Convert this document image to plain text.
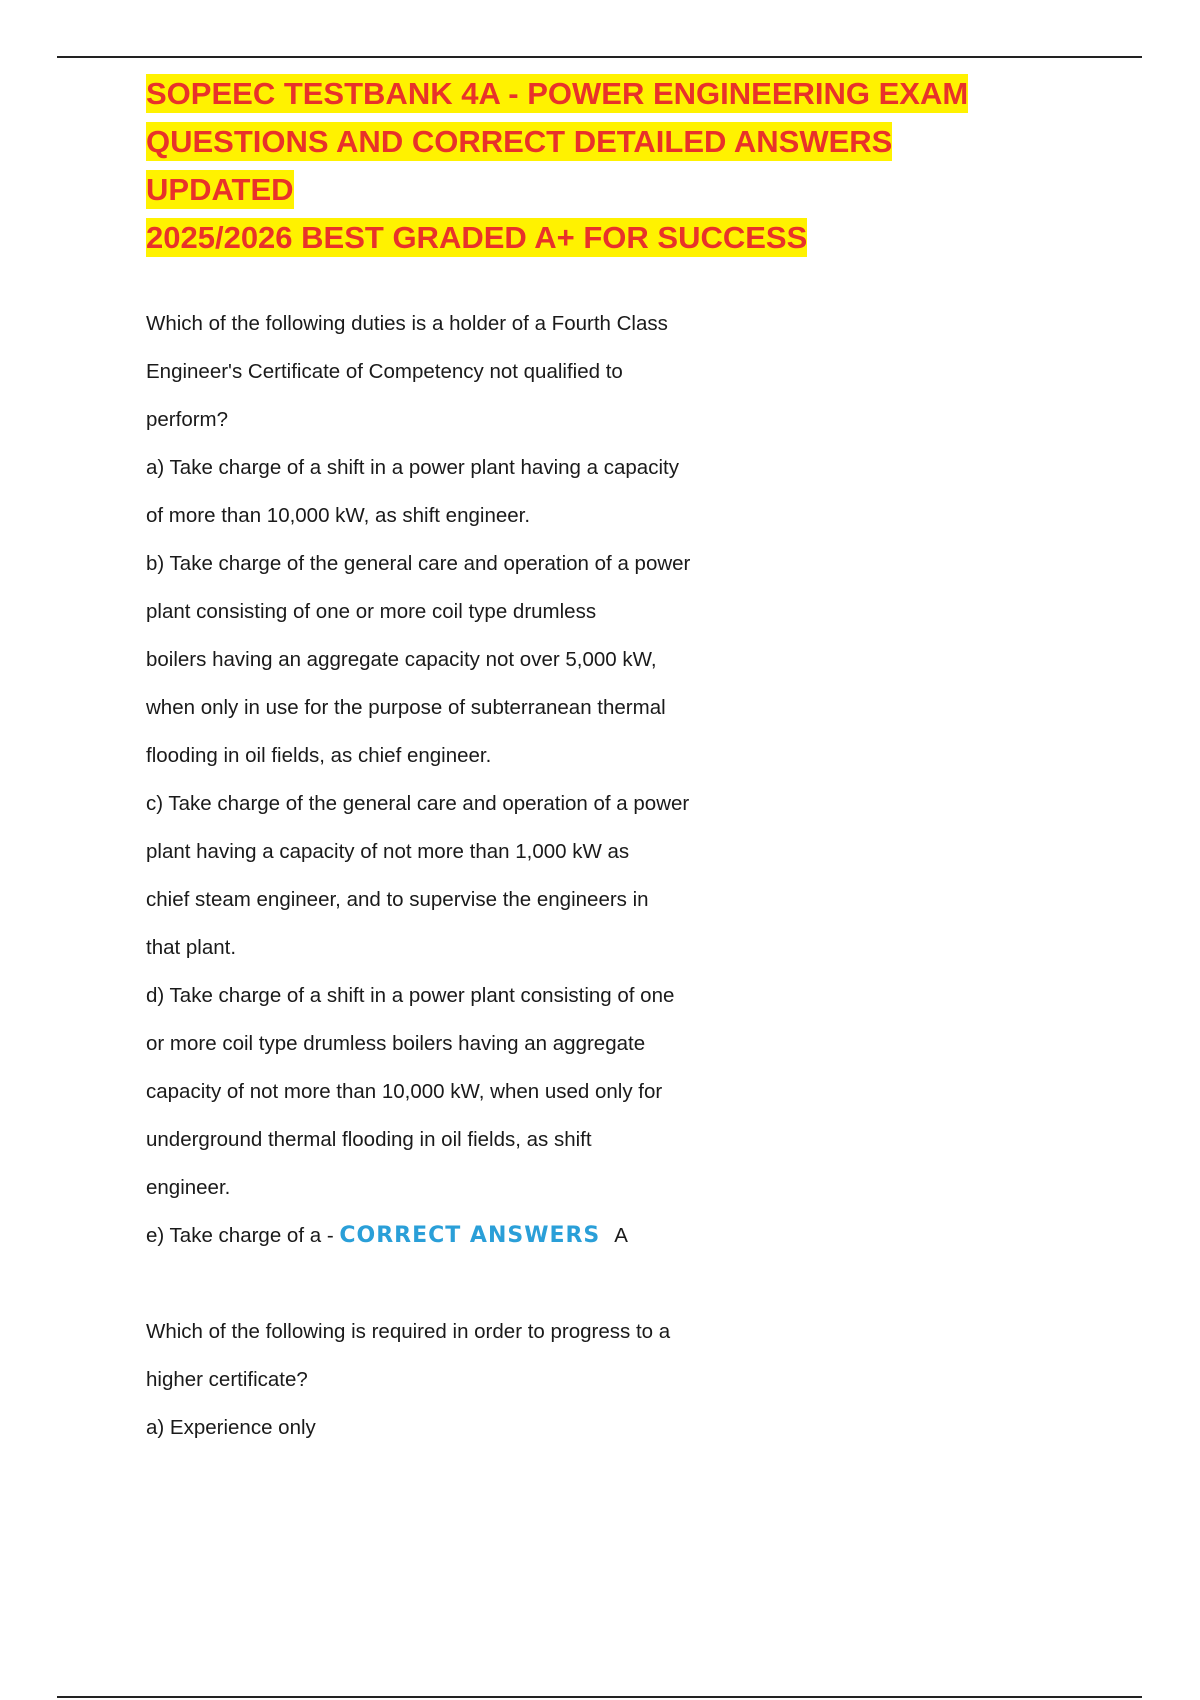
SOPEEC TESTBANK 4A - POWER ENGINEERING EXAM
QUESTIONS AND CORRECT DETAILED ANSWERS UPDATED
2025/2026 BEST GRADED A+ FOR SUCCESS
Which of the following duties is a holder of a Fourth Class
Engineer's Certificate of Competency not qualified to
perform?
a) Take charge of a shift in a power plant having a capacity
of more than 10,000 kW, as shift engineer.
b) Take charge of the general care and operation of a power
plant consisting of one or more coil type drumless
boilers having an aggregate capacity not over 5,000 kW,
when only in use for the purpose of subterranean thermal
flooding in oil fields, as chief engineer.
c) Take charge of the general care and operation of a power
plant having a capacity of not more than 1,000 kW as
chief steam engineer, and to supervise the engineers in
that plant.
d) Take charge of a shift in a power plant consisting of one
or more coil type drumless boilers having an aggregate
capacity of not more than 10,000 kW, when used only for
underground thermal flooding in oil fields, as shift
engineer.
e) Take charge of a - CORRECT ANSWERS A
Which of the following is required in order to progress to a
higher certificate?
a) Experience only
